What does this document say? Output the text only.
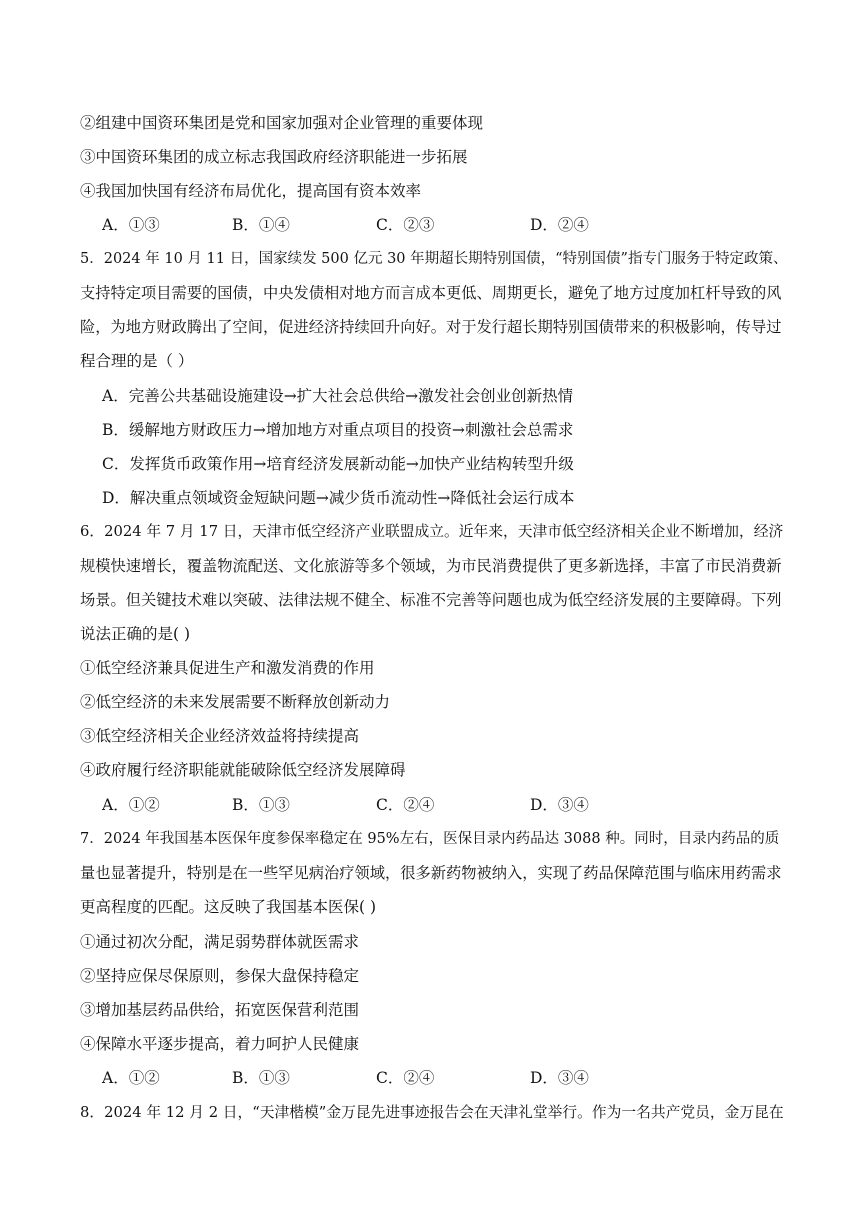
②组建中国资环集团是党和国家加强对企业管理的重要体现
③中国资环集团的成立标志我国政府经济职能进一步拓展
④我国加快国有经济布局优化，提高国有资本效率
A．①③	B．①④	C．②③	D．②④
5．2024 年 10 月 11 日，国家续发 500 亿元 30 年期超长期特别国债，“特别国债”指专门服务于特定政策、
支持特定项目需要的国债，中央发债相对地方而言成本更低、周期更长，避免了地方过度加杠杆导致的风
险，为地方财政腾出了空间，促进经济持续回升向好。对于发行超长期特别国债带来的积极影响，传导过
程合理的是（ ）
A．完善公共基础设施建设→扩大社会总供给→激发社会创业创新热情
B．缓解地方财政压力→增加地方对重点项目的投资→刺激社会总需求
C．发挥货币政策作用→培育经济发展新动能→加快产业结构转型升级
D．解决重点领域资金短缺问题→减少货币流动性→降低社会运行成本
6．2024 年 7 月 17 日，天津市低空经济产业联盟成立。近年来，天津市低空经济相关企业不断增加，经济
规模快速增长，覆盖物流配送、文化旅游等多个领域，为市民消费提供了更多新选择，丰富了市民消费新
场景。但关键技术难以突破、法律法规不健全、标准不完善等问题也成为低空经济发展的主要障碍。下列
说法正确的是( )
①低空经济兼具促进生产和激发消费的作用
②低空经济的未来发展需要不断释放创新动力
③低空经济相关企业经济效益将持续提高
④政府履行经济职能就能破除低空经济发展障碍
A．①②	B．①③	C．②④	D．③④
7．2024 年我国基本医保年度参保率稳定在 95%左右，医保目录内药品达 3088 种。同时，目录内药品的质
量也显著提升，特别是在一些罕见病治疗领域，很多新药物被纳入，实现了药品保障范围与临床用药需求
更高程度的匹配。这反映了我国基本医保( )
①通过初次分配，满足弱势群体就医需求
②坚持应保尽保原则，参保大盘保持稳定
③增加基层药品供给，拓宽医保营利范围
④保障水平逐步提高，着力呵护人民健康
A．①②	B．①③	C．②④	D．③④
8．2024 年 12 月 2 日，“天津楷模”金万昆先进事迹报告会在天津礼堂举行。作为一名共产党员，金万昆在
